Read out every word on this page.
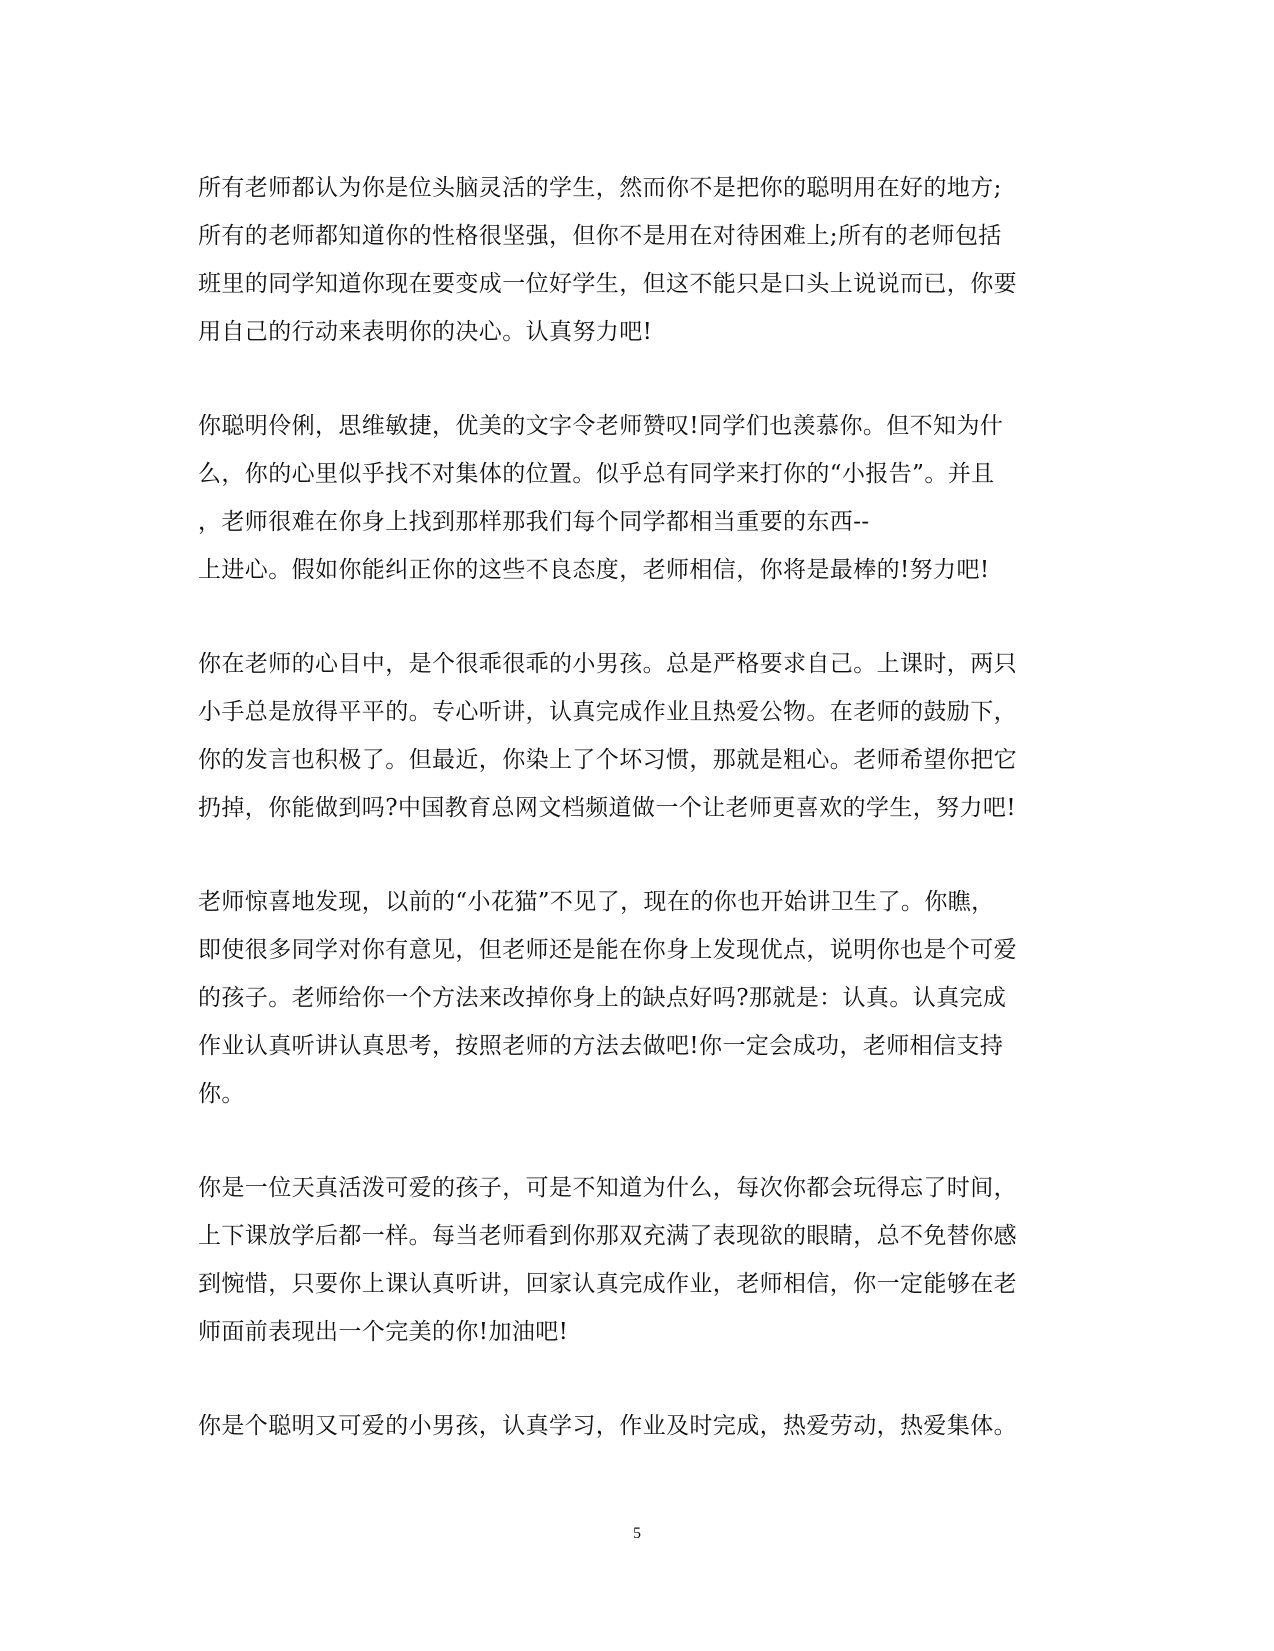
所有老师都认为你是位头脑灵活的学生，然而你不是把你的聪明用在好的地方;
所有的老师都知道你的性格很坚强，但你不是用在对待困难上;所有的老师包括
班里的同学知道你现在要变成一位好学生，但这不能只是口头上说说而已，你要
用自己的行动来表明你的决心。认真努力吧!
你聪明伶俐，思维敏捷，优美的文字令老师赞叹!同学们也羡慕你。但不知为什
么，你的心里似乎找不对集体的位置。似乎总有同学来打你的“小报告”。并且
，老师很难在你身上找到那样那我们每个同学都相当重要的东西--
上进心。假如你能纠正你的这些不良态度，老师相信，你将是最棒的!努力吧!
你在老师的心目中，是个很乖很乖的小男孩。总是严格要求自己。上课时，两只
小手总是放得平平的。专心听讲，认真完成作业且热爱公物。在老师的鼓励下，
你的发言也积极了。但最近，你染上了个坏习惯，那就是粗心。老师希望你把它
扔掉，你能做到吗?中国教育总网文档频道做一个让老师更喜欢的学生，努力吧!
老师惊喜地发现，以前的“小花猫”不见了，现在的你也开始讲卫生了。你瞧，
即使很多同学对你有意见，但老师还是能在你身上发现优点，说明你也是个可爱
的孩子。老师给你一个方法来改掉你身上的缺点好吗?那就是：认真。认真完成
作业认真听讲认真思考，按照老师的方法去做吧!你一定会成功，老师相信支持
你。
你是一位天真活泼可爱的孩子，可是不知道为什么，每次你都会玩得忘了时间，
上下课放学后都一样。每当老师看到你那双充满了表现欲的眼睛，总不免替你感
到惋惜，只要你上课认真听讲，回家认真完成作业，老师相信，你一定能够在老
师面前表现出一个完美的你!加油吧!
你是个聪明又可爱的小男孩，认真学习，作业及时完成，热爱劳动，热爱集体。
5
